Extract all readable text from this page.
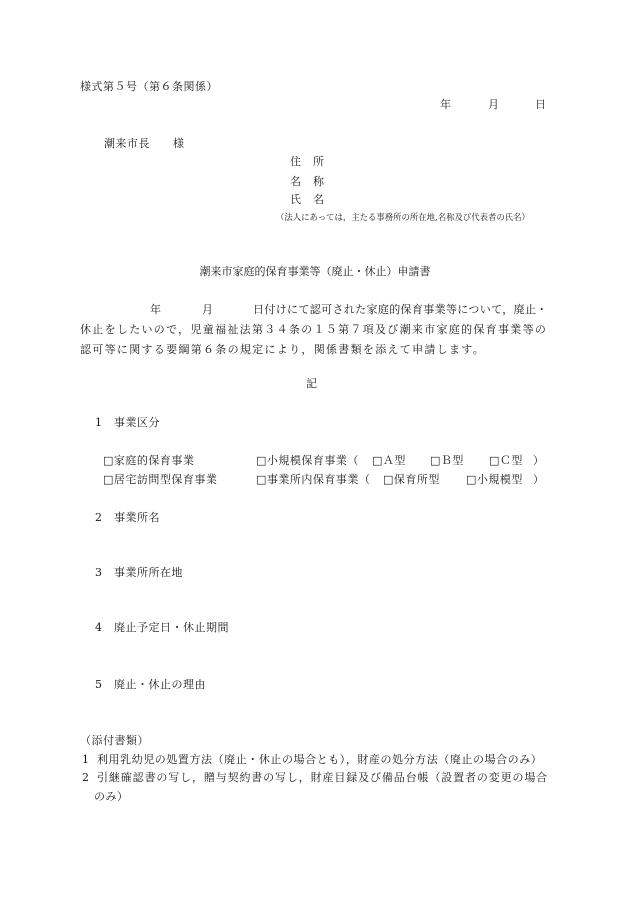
様式第５号（第６条関係）
年	月	日
潮来市長　　様
住　所
名　称
氏　名
（法人にあっては，主たる事務所の所在地,名称及び代表者の氏名）
潮来市家庭的保育事業等（廃止・休止）申請書
年	月	日付けにて認可された家庭的保育事業等について，廃止・
休止をしたいので，児童福祉法第３４条の１５第７項及び潮来市家庭的保育事業等の
認可等に関する要綱第６条の規定により，関係書類を添えて申請します。
記
1 事業区分
□家庭的保育事業	□小規模保育事業（ □Ａ型 □Ｂ型 □Ｃ型 ）
□居宅訪問型保育事業	□事業所内保育事業（ □保育所型 □小規模型 ）
2 事業所名
3 事業所所在地
4 廃止予定日・休止期間
5 廃止・休止の理由
（添付書類）
1 利用乳幼児の処置方法（廃止・休止の場合とも），財産の処分方法（廃止の場合のみ）
2 引継確認書の写し，贈与契約書の写し，財産目録及び備品台帳（設置者の変更の場合
のみ）
